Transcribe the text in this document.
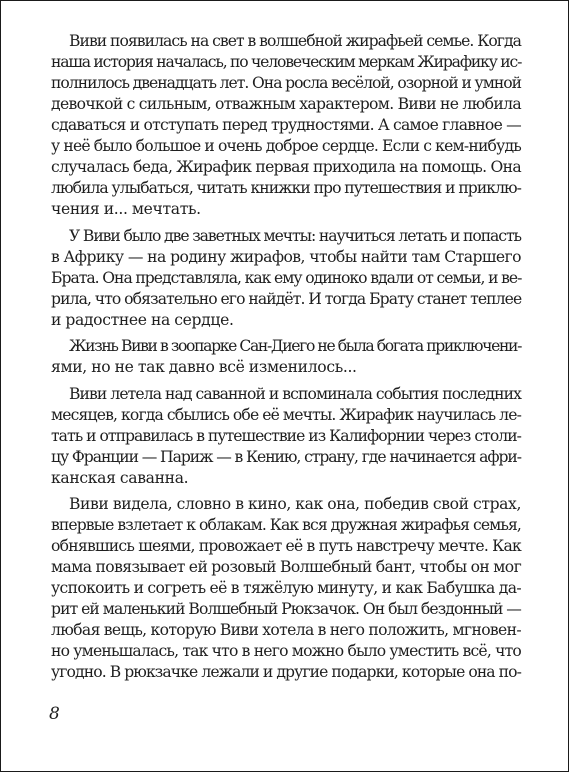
Виви появилась на свет в волшебной жирафьей семье. Когда
наша история началась, по человеческим меркам Жирафику ис-
полнилось двенадцать лет. Она росла весёлой, озорной и умной
девочкой с сильным, отважным характером. Виви не любила
сдаваться и отступать перед трудностями. А самое главное —
у неё было большое и очень доброе сердце. Если с кем-нибудь
случалась беда, Жирафик первая приходила на помощь. Она
любила улыбаться, читать книжки про путешествия и приклю-
чения и... мечтать.
У Виви было две заветных мечты: научиться летать и попасть
в Африку — на родину жирафов, чтобы найти там Старшего
Брата. Она представляла, как ему одиноко вдали от семьи, и ве-
рила, что обязательно его найдёт. И тогда Брату станет теплее
и радостнее на сердце.
Жизнь Виви в зоопарке Сан-Диего не была богата приключени-
ями, но не так давно всё изменилось...
Виви летела над саванной и вспоминала события последних
месяцев, когда сбылись обе её мечты. Жирафик научилась ле-
тать и отправилась в путешествие из Калифорнии через столи-
цу Франции — Париж — в Кению, страну, где начинается афри-
канская саванна.
Виви видела, словно в кино, как она, победив свой страх,
впервые взлетает к облакам. Как вся дружная жирафья семья,
обнявшись шеями, провожает её в путь навстречу мечте. Как
мама повязывает ей розовый Волшебный бант, чтобы он мог
успокоить и согреть её в тяжёлую минуту, и как Бабушка да-
рит ей маленький Волшебный Рюкзачок. Он был бездонный —
любая вещь, которую Виви хотела в него положить, мгновен-
но уменьшалась, так что в него можно было уместить всё, что
угодно. В рюкзачке лежали и другие подарки, которые она по-
8
